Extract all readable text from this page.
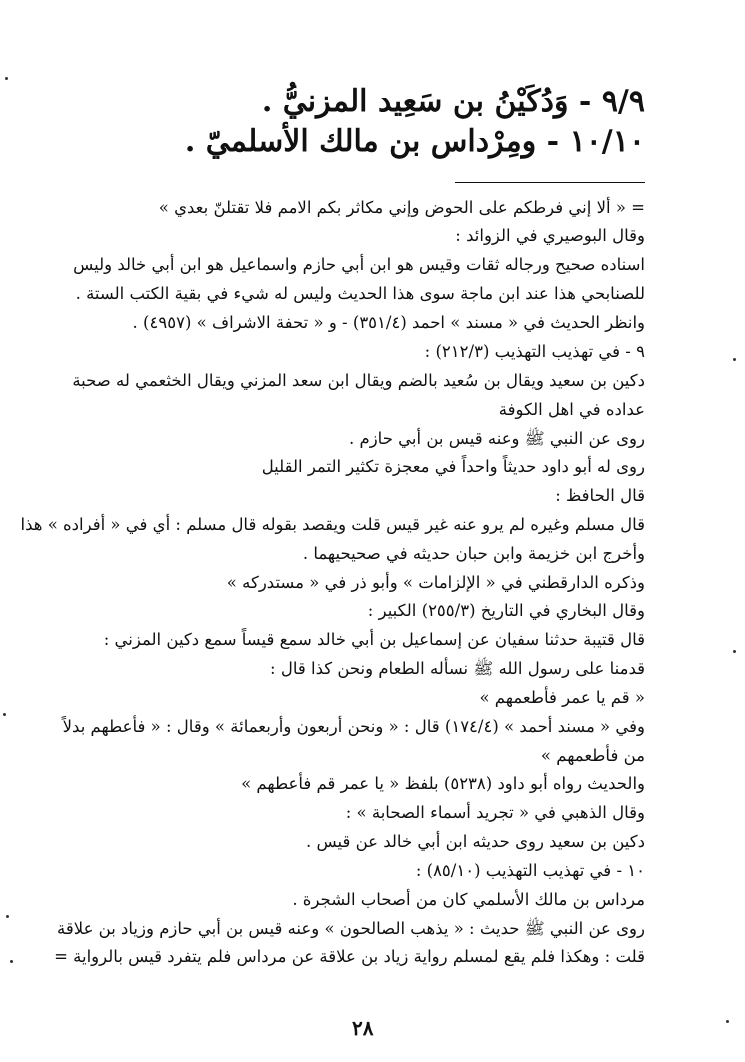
٩/٩ - وَدُكَيْنُ بن سَعِيد المزنيُّ .
١٠/١٠ - ومِرْداس بن مالك الأسلميّ .
= « ألا إني فرطكم على الحوض وإني مكاثر بكم الامم فلا تقتلنّ بعدي »
وقال البوصيري في الزوائد :
اسناده صحيح ورجاله ثقات وقيس هو ابن أبي حازم واسماعيل هو ابن أبي خالد وليس
للصنابحي هذا عند ابن ماجة سوى هذا الحديث وليس له شيء في بقية الكتب الستة .
وانظر الحديث في « مسند » احمد (٣٥١/٤) - و « تحفة الاشراف » (٤٩٥٧) .
٩ - في تهذيب التهذيب (٢١٢/٣) :
دكين بن سعيد ويقال بن سُعيد بالضم ويقال ابن سعد المزني ويقال الخثعمي له صحبة
عداده في اهل الكوفة
روى عن النبي ﷺ وعنه قيس بن أبي حازم .
روى له أبو داود حديثاً واحداً في معجزة تكثير التمر القليل
قال الحافظ :
قال مسلم وغيره لم يرو عنه غير قيس قلت ويقصد بقوله قال مسلم : أي في « أفراده » هذا
وأخرج ابن خزيمة وابن حبان حديثه في صحيحيهما .
وذكره الدارقطني في « الإلزامات » وأبو ذر في « مستدركه »
وقال البخاري في التاريخ (٢٥٥/٣) الكبير :
قال قتيبة حدثنا سفيان عن إسماعيل بن أبي خالد سمع قيساً سمع دكين المزني :
قدمنا على رسول الله ﷺ نسأله الطعام ونحن كذا قال :
« قم يا عمر فأطعمهم »
وفي « مسند أحمد » (١٧٤/٤) قال : « ونحن أربعون وأربعمائة » وقال : « فأعطهم بدلاً
من فأطعمهم »
والحديث رواه أبو داود (٥٢٣٨) بلفظ « يا عمر قم فأعطهم »
وقال الذهبي في « تجريد أسماء الصحابة » :
دكين بن سعيد روى حديثه ابن أبي خالد عن قيس .
١٠ - في تهذيب التهذيب (٨٥/١٠) :
مرداس بن مالك الأسلمي كان من أصحاب الشجرة .
روى عن النبي ﷺ حديث : « يذهب الصالحون » وعنه قيس بن أبي حازم وزياد بن علاقة
قلت : وهكذا فلم يقع لمسلم رواية زياد بن علاقة عن مرداس فلم يتفرد قيس بالرواية =
٢٨
